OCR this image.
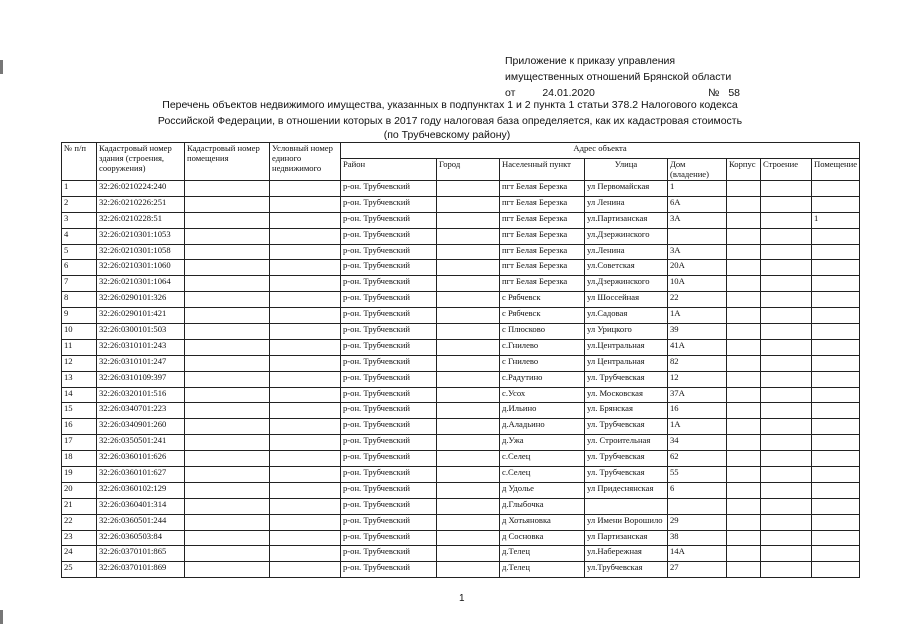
Приложение к приказу управления
имущественных отношений Брянской области
от	24.01.2020	№ 58
Перечень объектов недвижимого имущества, указанных в подпунктах 1 и 2 пункта 1 статьи 378.2 Налогового кодекса
Российской Федерации, в отношении которых в 2017 году налоговая база определяется, как их кадастровая стоимость
(по Трубчевскому району)
№ п/п	Кадастровый номер здания (строения, сооружения)	Кадастровый номер помещения	Условный номер единого недвижимого	Адрес объекта							
				Район	Город	Населенный пункт	Улица	Дом (владение)	Корпус	Строение	Помещение
1	32:26:0210224:240			р-он. Трубчевский		пгт Белая Березка	ул Первомайская	1			
2	32:26:0210226:251			р-он. Трубчевский		пгт Белая Березка	ул Ленина	6А			
3	32:26:0210228:51			р-он. Трубчевский		пгт Белая Березка	ул.Партизанская	3А			1
4	32:26:0210301:1053			р-он. Трубчевский		пгт Белая Березка	ул.Дзержинского				
5	32:26:0210301:1058			р-он. Трубчевский		пгт Белая Березка	ул.Ленина	3А			
6	32:26:0210301:1060			р-он. Трубчевский		пгт Белая Березка	ул.Советская	20А			
7	32:26:0210301:1064			р-он. Трубчевский		пгт Белая Березка	ул.Дзержинского	10А			
8	32:26:0290101:326			р-он. Трубчевский		с Рябчевск	ул Шоссейная	22			
9	32:26:0290101:421			р-он. Трубчевский		с Рябчевск	ул.Садовая	1А			
10	32:26:0300101:503			р-он. Трубчевский		с Плюсково	ул Урицкого	39			
11	32:26:0310101:243			р-он. Трубчевский		с.Гнилево	ул.Центральная	41А			
12	32:26:0310101:247			р-он. Трубчевский		с Гнилево	ул Центральная	82			
13	32:26:0310109:397			р-он. Трубчевский		с.Радутино	ул. Трубчевская	12			
14	32:26:0320101:516			р-он. Трубчевский		с.Усох	ул. Московская	37А			
15	32:26:0340701:223			р-он. Трубчевский		д.Ильино	ул. Брянская	16			
16	32:26:0340901:260			р-он. Трубчевский		д.Аладьино	ул. Трубчевская	1А			
17	32:26:0350501:241			р-он. Трубчевский		д.Ужа	ул. Строительная	34			
18	32:26:0360101:626			р-он. Трубчевский		с.Селец	ул. Трубчевская	62			
19	32:26:0360101:627			р-он. Трубчевский		с.Селец	ул. Трубчевская	55			
20	32:26:0360102:129			р-он. Трубчевский		д Удолье	ул Придеснянская	6			
21	32:26:0360401:314			р-он. Трубчевский		д.Глыбочка					
22	32:26:0360501:244			р-он. Трубчевский		д Хотьяновка	ул Имени Ворошило	29			
23	32:26:0360503:84			р-он. Трубчевский		д Сосновка	ул Партизанская	38			
24	32:26:0370101:865			р-он. Трубчевский		д.Телец	ул.Набережная	14А			
25	32:26:0370101:869			р-он. Трубчевский		д.Телец	ул.Трубчевская	27			
1
